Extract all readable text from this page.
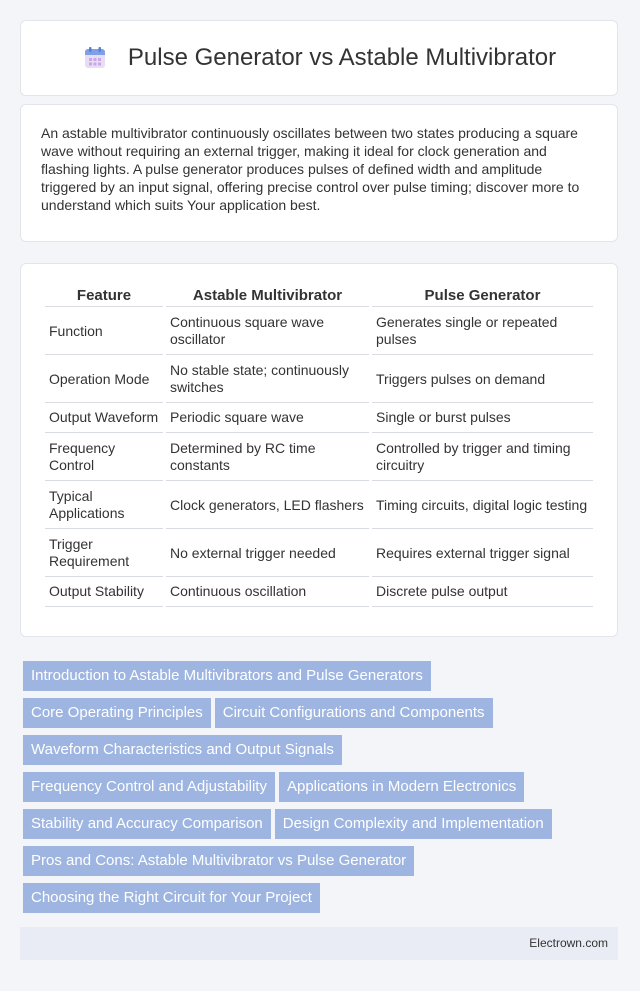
Pulse Generator vs Astable Multivibrator

An astable multivibrator continuously oscillates between two states producing a square wave without requiring an external trigger, making it ideal for clock generation and flashing lights. A pulse generator produces pulses of defined width and amplitude triggered by an input signal, offering precise control over pulse timing; discover more to understand which suits Your application best.

Feature	Astable Multivibrator	Pulse Generator
Function	Continuous square wave oscillator	Generates single or repeated pulses
Operation Mode	No stable state; continuously switches	Triggers pulses on demand
Output Waveform	Periodic square wave	Single or burst pulses
Frequency Control	Determined by RC time constants	Controlled by trigger and timing circuitry
Typical Applications	Clock generators, LED flashers	Timing circuits, digital logic testing
Trigger Requirement	No external trigger needed	Requires external trigger signal
Output Stability	Continuous oscillation	Discrete pulse output
Introduction to Astable Multivibrators and Pulse Generators
Core Operating Principles Circuit Configurations and Components
Waveform Characteristics and Output Signals
Frequency Control and Adjustability Applications in Modern Electronics
Stability and Accuracy Comparison Design Complexity and Implementation
Pros and Cons: Astable Multivibrator vs Pulse Generator
Choosing the Right Circuit for Your Project
Electrown.com
